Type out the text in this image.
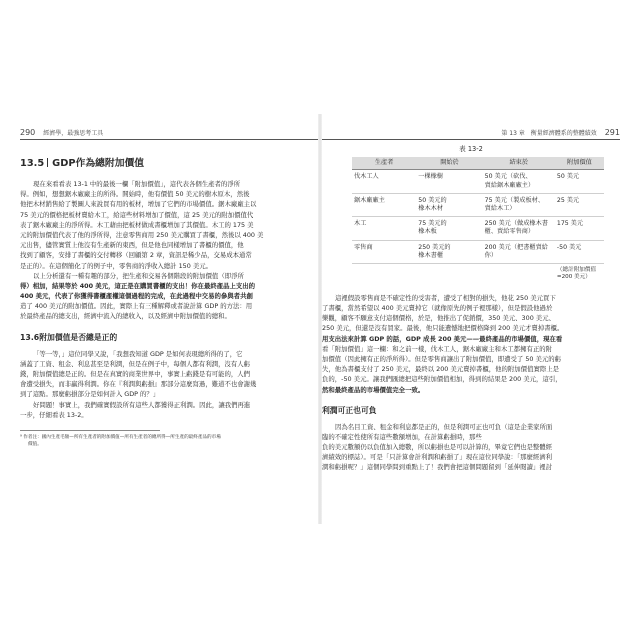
290 經濟學，最強思考工具
13.5 GDP作為總附加價值
現在來看看表 13-1 中的最後一欄「附加價值」，這代表各個生產者的淨所
得。例如，想想鋸木廠廠主的所得。開始時，他有價值 50 美元的樹木原木，然後
他把木材銷售給了製圖人來說買有用的板材，增加了它們的市場價值。鋸木廠廠主以
75 美元的價格把板材賣給木工，給這些材料增加了價值，這 25 美元的附加價值代
表了鋸木廠廠主的淨所得。木工藉由把板材做成書櫃增加了其價值。木工的 175 美
元的附加價值代表了他的淨所得，注意零售商用 250 美元購買了書櫃，然後以 400 美
元出售，儘管實質上他沒有生產新的東西，但是他也同樣增加了書櫃的價值，他
找到了顧客，安排了書櫃的交付轉移（回顧第 2 章，資訊是稀少品，交易成本通常
是正的）。在這個簡化了的例子中，零售商的淨收入總計 150 美元。
以上分析還有一種有趣的部分，把生產和交易各個階段的附加價值（即淨所
得）相加，結果等於 400 美元，這正是在購買書櫃的支出！你在最終產品上支出的
400 美元，代表了你獲得書櫃產權這個過程的完成，在此過程中交易的參與者共創
造了 400 美元的附加價值。因此，實際上有三種解釋或者說計算 GDP 的方法：用
於最終產品的總支出，經濟中流入的總收入，以及經濟中附加價值的總和。
13.6附加價值是否總是正的
「等一等，」這位同學又說，「我想我知道 GDP 是如何表現總所得的了，它
涵蓋了工資、租金、利息甚至是利潤，但是在例子中，每個人都有利潤，沒有人虧
錢，附加價值總是正的。但是在真實的商業世界中，事實上虧錢是有可能的，人們
會遭受損失，而非贏得利潤。你在『利潤與虧損』那部分這麼寫過，難道不也會謝幾
到了這點。那麼虧損部分是如何計入 GDP 的？」
好問題！事實上，我們確實假設所有這些人都獲得正利潤。因此，讓我們再進
一步，仔細看表 13-2。
⁹ 作者注：國內生產毛額—所有生產者的附加價值—所有生產者的總所得—所生產的最終產品的市場
價值。
第 13 章　衡量經濟體系的整體績效 291
表 13-2
生產者	開始於	結束於	附加價值
伐木工人	一棵橡樹	50 美元（砍伐、
賣給鋸木廠廠主）	50 美元
鋸木廠廠主	50 美元的
橡木木材	75 美元（製成板材、
賣給木工）	25 美元
木工	75 美元的
橡木板	250 美元（做成橡木書
櫃、賣給零售商）	175 美元
零售商	250 美元的
橡木書櫃	200 美元（把書櫃賣給
你）	-50 美元
			（總計附加價值
=200 美元）
這裡假設零售商是不確定性的受害者，遭受了相對的損失，他花 250 美元買下
了書櫃，當然希望以 400 美元賣掉它（就像原先的例子裡那樣），但是假設他過於
樂觀，顧客不願意支付這個價格，於是，他推出了促銷價，350 美元、300 美元、
250 美元，但還是沒有買家。最後，他只能遺憾地把價格降到 200 美元才賣掉書櫃。
用支出法來計算 GDP 的話，GDP 成長 200 美元——最終產品的市場價值，現在看
看「附加價值」這一欄：和之前一樣，伐木工人，鋸木廠廠主和木工都擁有正的附
加價值（因此擁有正的淨所得）。但是零售商讓出了附加價值，即遭受了 50 美元的虧
失，他為書櫃支付了 250 美元，最終以 200 美元賣掉書櫃，他的附加價值實際上是
負的，-50 美元。讓我們匯總把這些附加價值相加，得到的結果是 200 美元，這引，
然和最終產品的市場價值完全一致。
利潤可正也可負
因為名目工資、租金和利息都是正的，但是利潤可正也可負（這是企業家所面
臨的不確定性使所有這些數額增加，在計算虧損時，那些
負的美元數額仍以負值加入總數，所以虧損也是可以計算的，畢竟它們也是整體經
濟績效的標誌）。可是「只計算會計利潤和虧損了」現在這位同學說：「那麼經濟利
潤和虧損呢？」這個同學問到重點上了！我們會把這個問題留到「延伸閱讀」裡討
